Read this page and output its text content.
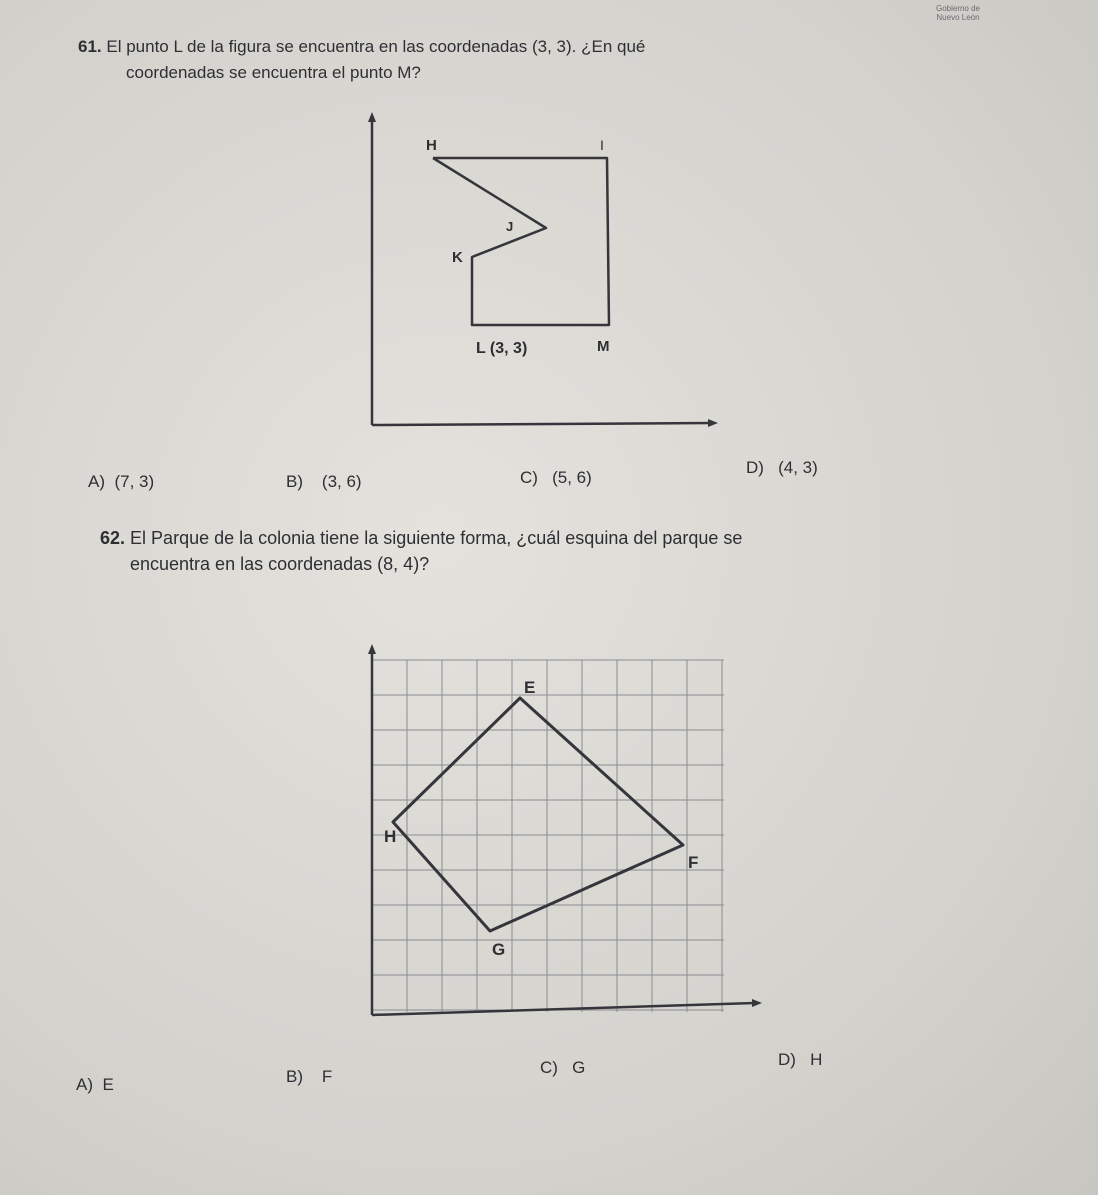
Gobierno de
Nuevo León
61. El punto L de la figura se encuentra en las coordenadas (3, 3). ¿En qué
coordenadas se encuentra el punto M?
H	I
J
K
L (3, 3)	M
E
F
G
H
A) (7, 3)	B) (3, 6)	C) (5, 6)
D) (4, 3)
62. El Parque de la colonia tiene la siguiente forma, ¿cuál esquina del parque se
encuentra en las coordenadas (8, 4)?
A) E	B) F	C) G	D) H
